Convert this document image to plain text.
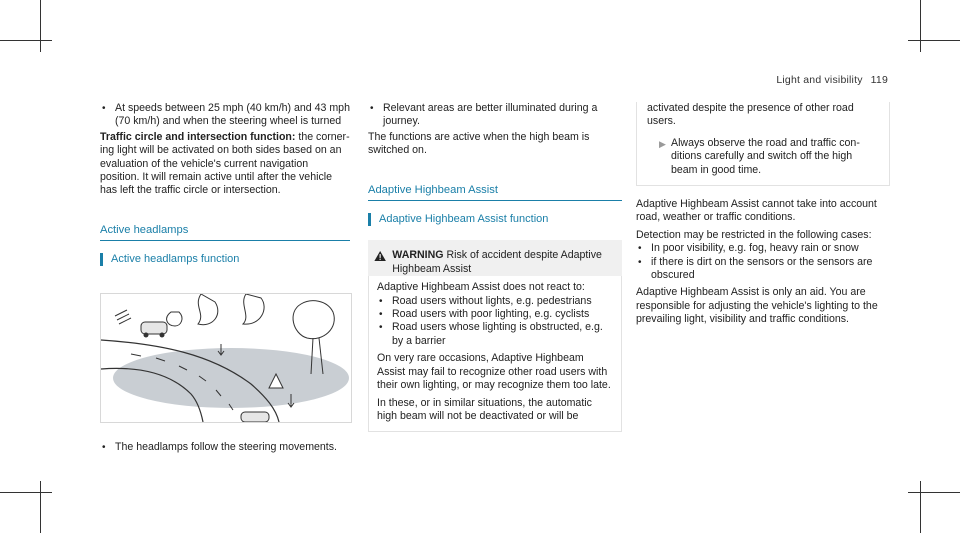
Light and visibility 119

• At speeds between 25 mph (40 km/h) and 43 mph (70 km/h) and when the steering wheel is turned

Traffic circle and intersection function: the cornering light will be activated on both sides based on an evaluation of the vehicle's current navigation position. It will remain active until after the vehicle has left the traffic circle or intersection.

Active headlamps
Active headlamps function

• The headlamps follow the steering movements.

• Relevant areas are better illuminated during a journey.

The functions are active when the high beam is switched on.

Adaptive Highbeam Assist
Adaptive Highbeam Assist function
WARNING Risk of accident despite Adaptive Highbeam Assist

Adaptive Highbeam Assist does not react to:

• Road users without lights, e.g. pedestrians

• Road users with poor lighting, e.g. cyclists

• Road users whose lighting is obstructed, e.g. by a barrier

On very rare occasions, Adaptive Highbeam Assist may fail to recognize other road users with their own lighting, or may recognize them too late.

In these, or in similar situations, the automatic high beam will not be deactivated or will be

activated despite the presence of other road users.

▶ Always observe the road and traffic conditions carefully and switch off the high beam in good time.

Adaptive Highbeam Assist cannot take into account road, weather or traffic conditions.

Detection may be restricted in the following cases:

• In poor visibility, e.g. fog, heavy rain or snow

• if there is dirt on the sensors or the sensors are obscured

Adaptive Highbeam Assist is only an aid. You are responsible for adjusting the vehicle's lighting to the prevailing light, visibility and traffic conditions.
